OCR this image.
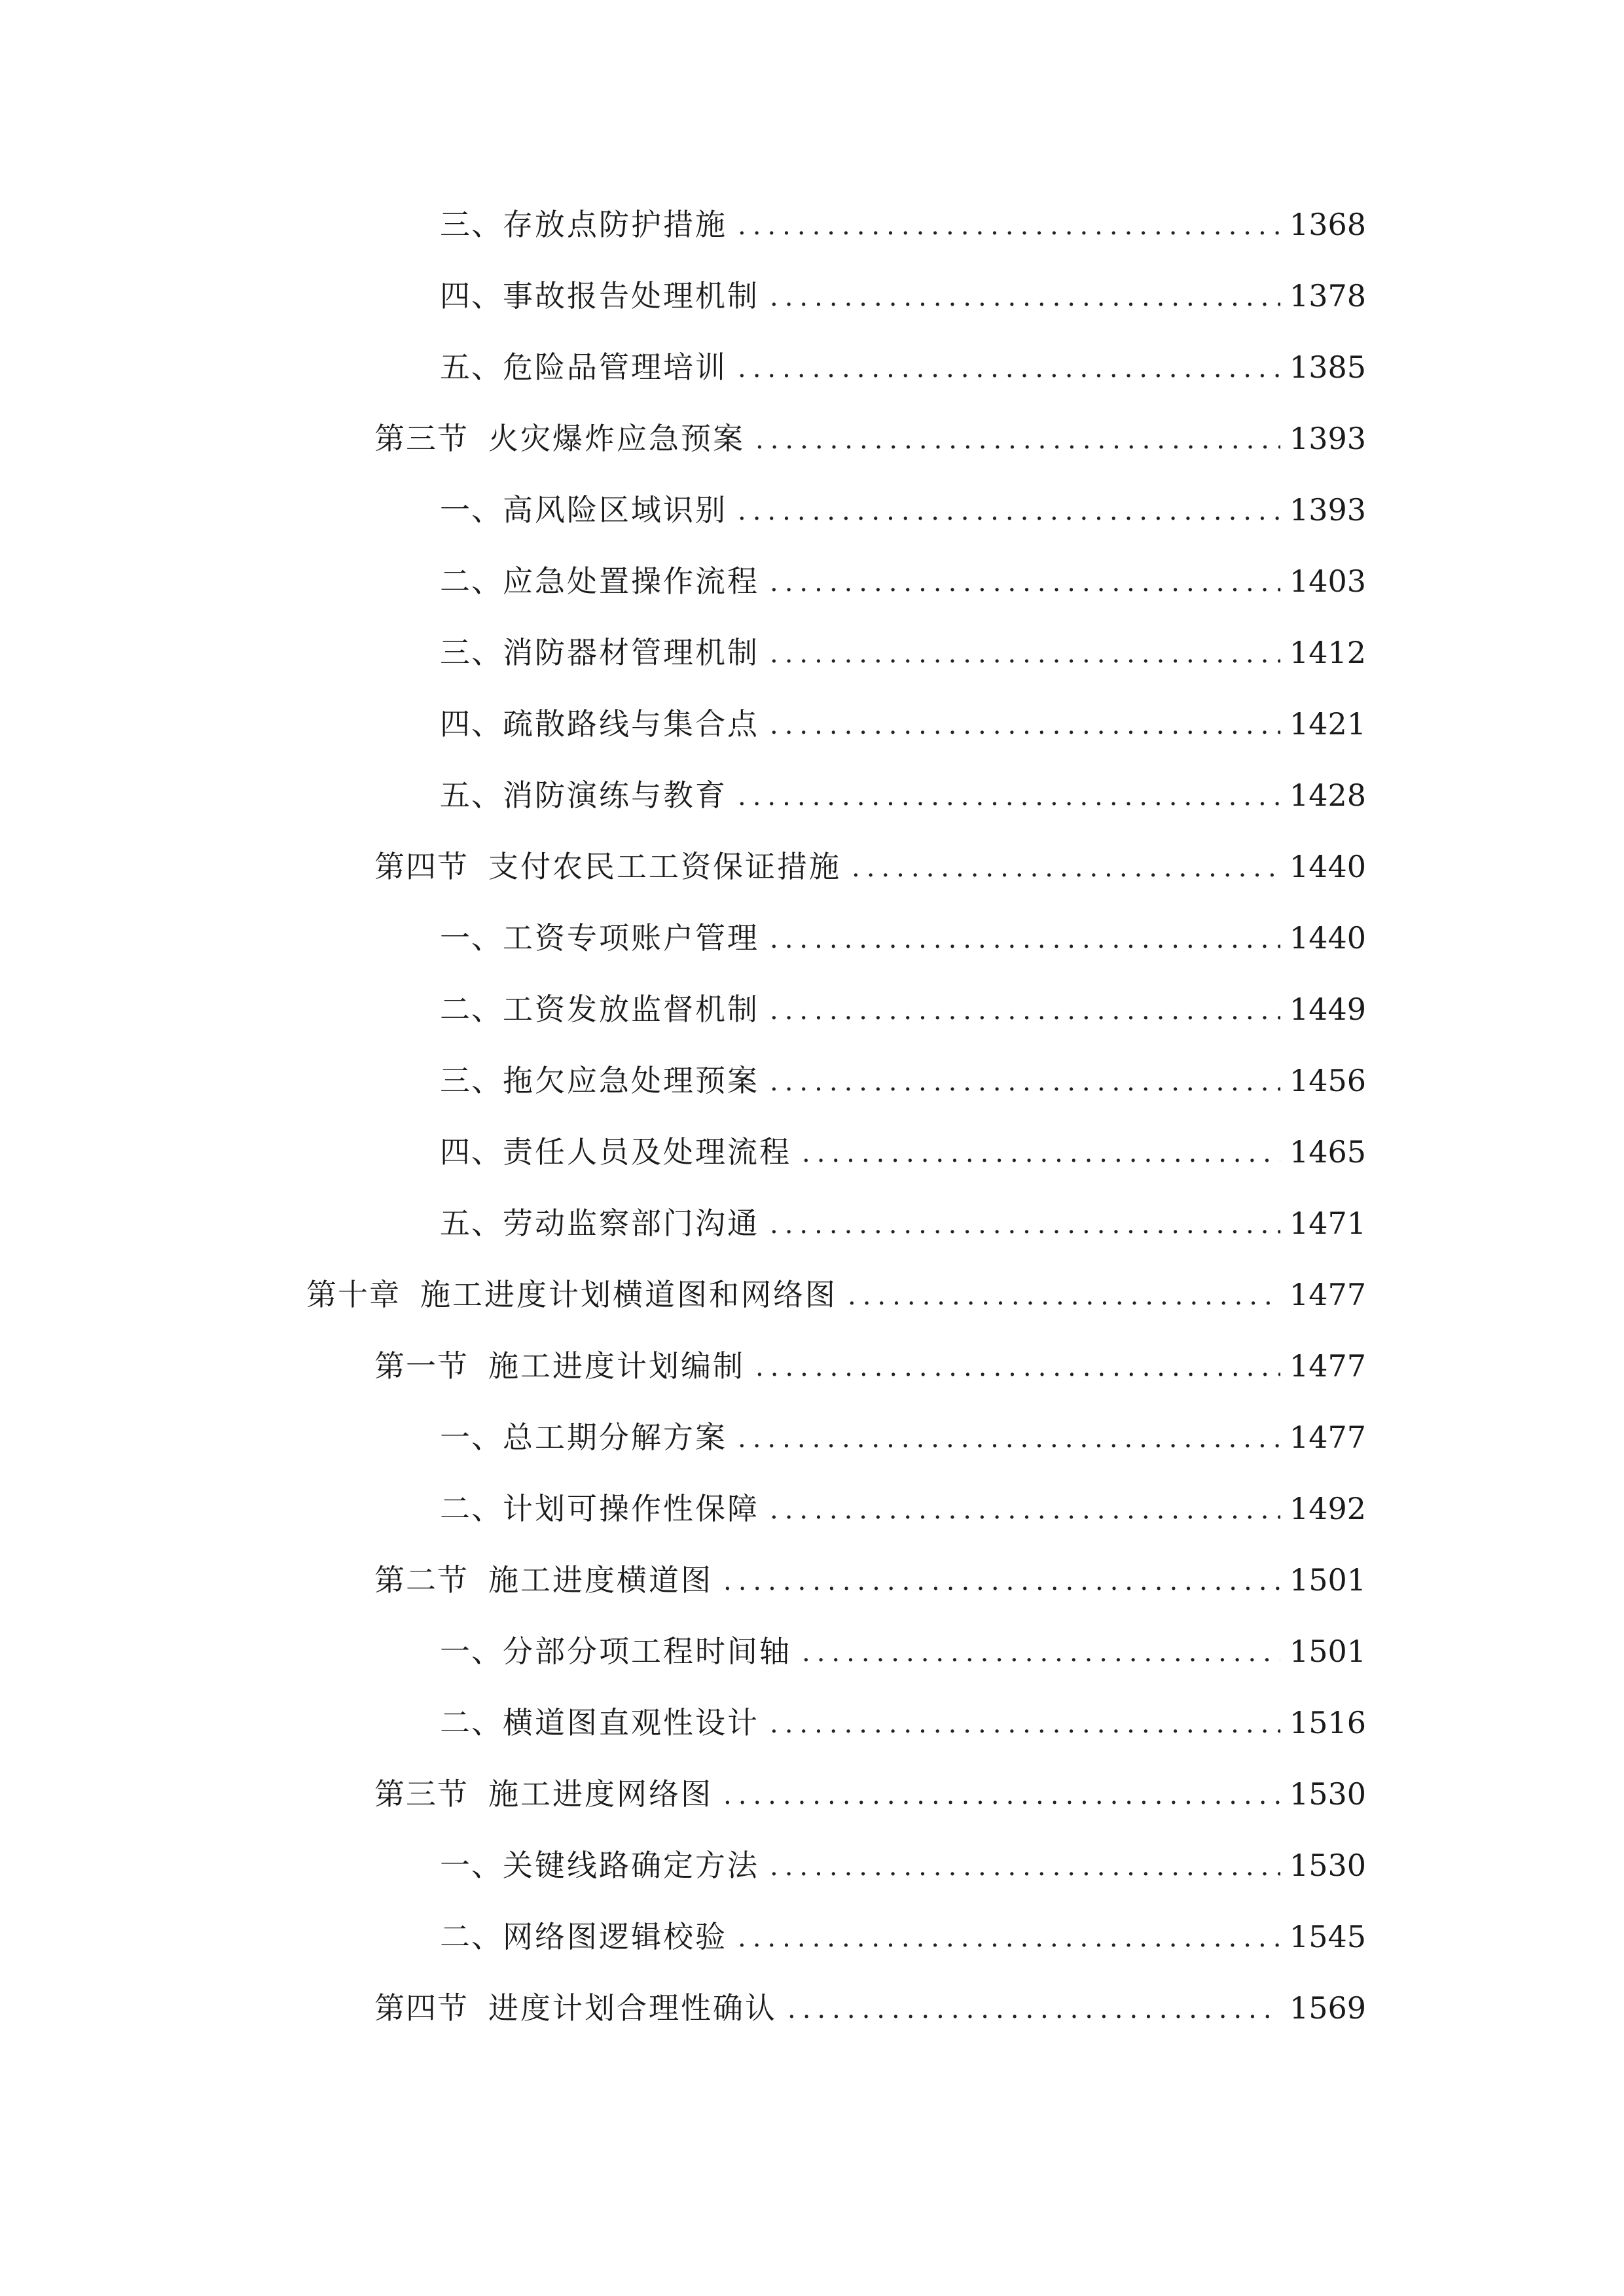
三、 存放点防护措施 .....	1368
四、 事故报告处理机制 .....	1378
五、 危险品管理培训 .....	1385
第三节 火灾爆炸应急预案 .....	1393
一、 高风险区域识别 .....	1393
二、 应急处置操作流程 .....	1403
三、 消防器材管理机制 .....	1412
四、 疏散路线与集合点 .....	1421
五、 消防演练与教育 .....	1428
第四节 支付农民工工资保证措施 .....	1440
一、 工资专项账户管理 .....	1440
二、 工资发放监督机制 .....	1449
三、 拖欠应急处理预案 .....	1456
四、 责任人员及处理流程 .....	1465
五、 劳动监察部门沟通 .....	1471
第十章 施工进度计划横道图和网络图 .....	1477
第一节 施工进度计划编制 .....	1477
一、 总工期分解方案 .....	1477
二、 计划可操作性保障 .....	1492
第二节 施工进度横道图 .....	1501
一、 分部分项工程时间轴 .....	1501
二、 横道图直观性设计 .....	1516
第三节 施工进度网络图 .....	1530
一、 关键线路确定方法 .....	1530
二、 网络图逻辑校验 .....	1545
第四节 进度计划合理性确认 .....	1569
